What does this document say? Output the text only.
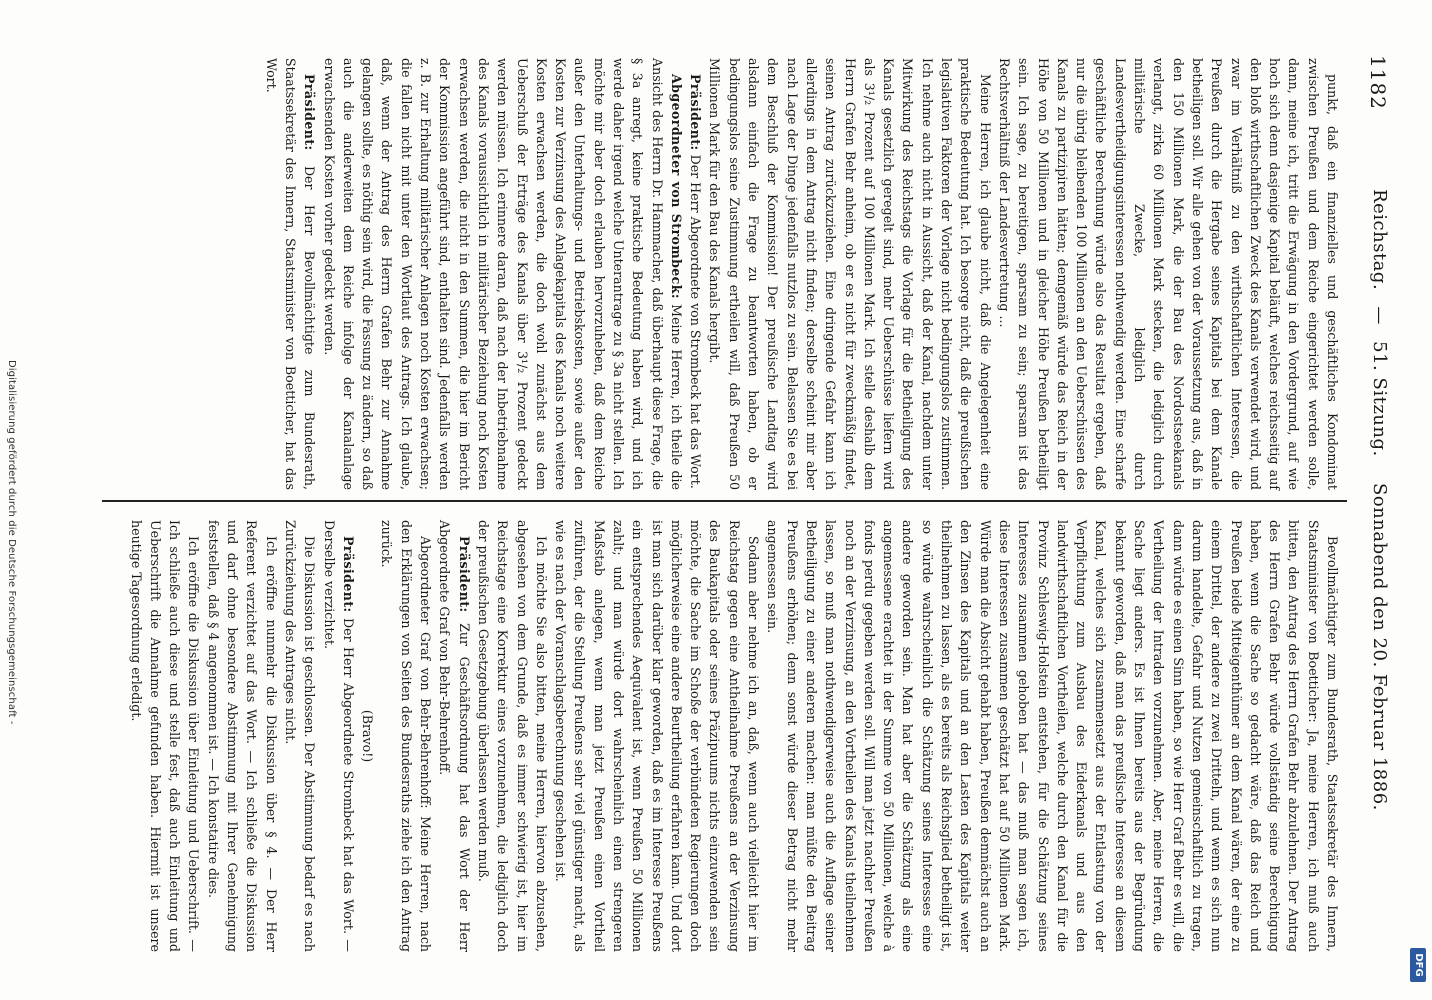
1182
Reichstag. — 51. Sitzung. Sonnabend den 20. Februar 1886.

punkt, daß ein finanzielles und geschäftliches Kondominat zwischen Preußen und dem Reiche eingerichtet werden solle, dann, meine ich, tritt die Erwägung in den Vordergrund, auf wie hoch sich denn dasjenige Kapital beläuft, welches reichsseitig auf den bloß wirthschaftlichen Zweck des Kanals verwendet wird, und zwar im Verhältniß zu den wirthschaftlichen Interessen, die Preußen durch die Hergabe seines Kapitals bei dem Kanale betheiligen soll. Wir alle gehen von der Voraussetzung aus, daß in den 150 Millionen Mark, die der Bau des Nordostseekanals verlangt, zirka 60 Millionen Mark stecken, die lediglich durch militärische Zwecke, lediglich durch Landesvertheidigungsinteressen nothwendig werden. Eine scharfe geschäftliche Berechnung würde also das Resultat ergeben, daß nur die übrig bleibenden 100 Millionen an den Ueberschüssen des Kanals zu partizipiren hätten; demgemäß würde das Reich in der Höhe von 50 Millionen und in gleicher Höhe Preußen betheiligt sein. Ich sage, zu bereitigen, sparsam zu sein; sparsam ist das Rechtsverhältniß der Landesvertretung ...

Meine Herren, ich glaube nicht, daß die Angelegenheit eine praktische Bedeutung hat. Ich besorge nicht, daß die preußischen legislativen Faktoren der Vorlage nicht bedingungslos zustimmen. Ich nehme auch nicht in Aussicht, daß der Kanal, nachdem unter Mitwirkung des Reichstags die Vorlage für die Betheiligung des Kanals gesetzlich geregelt sind, mehr Ueberschüsse liefern wird als 3¹/₂ Prozent auf 100 Millionen Mark. Ich stelle deshalb dem Herrn Grafen Behr anheim, ob er es nicht für zweckmäßig findet, seinen Antrag zurückzuziehen. Eine dringende Gefahr kann ich allerdings in dem Antrag nicht finden; derselbe scheint mir aber nach Lage der Dinge jedenfalls nutzlos zu sein. Belassen Sie es bei dem Beschluß der Kommission! Der preußische Landtag wird alsdann einfach die Frage zu beantworten haben, ob er bedingungslos seine Zustimmung ertheilen will, daß Preußen 50 Millionen Mark für den Bau des Kanals hergibt.

Präsident: Der Herr Abgeordnete von Strombeck hat das Wort.

Abgeordneter von Strombeck: Meine Herren, ich theile die Ansicht des Herrn Dr. Hammacher, daß überhaupt diese Frage, die § 3a anregt, keine praktische Bedeutung haben wird, und ich werde daher irgend welche Unterantrage zu § 3a nicht stellen. Ich möchte mir aber doch erlauben hervorzuheben, daß dem Reiche außer den Unterhaltungs- und Betriebskosten, sowie außer den Kosten zur Verzinsung des Anlagekapitals des Kanals noch weitere Kosten erwachsen werden, die doch wohl zunächst aus dem Ueberschuß der Erträge des Kanals über 3¹/₂ Prozent gedeckt werden müssen. Ich erinnere daran, daß nach der Inbetriebnahme des Kanals voraussichtlich in militärischer Beziehung noch Kosten erwachsen werden, die nicht in den Summen, die hier im Bericht der Kommission angeführt sind, enthalten sind. Jedenfalls werden z. B. zur Erhaltung militärischer Anlagen noch Kosten erwachsen; die fallen nicht mit unter den Wortlaut des Antrags. Ich glaube, daß, wenn der Antrag des Herrn Grafen Behr zur Annahme gelangen sollte, es nöthig sein wird, die Fassung zu ändern, so daß auch die anderweiten dem Reiche infolge der Kanalanlage erwachsenden Kosten vorher gedeckt werden.

Präsident: Der Herr Bevollmächtigte zum Bundesrath, Staatssekretär des Innern, Staatsminister von Boetticher, hat das Wort.

Bevollmächtigter zum Bundesrath, Staatssekretär des Innern, Staatsminister von Boetticher: Ja, meine Herren, ich muß auch bitten, den Antrag des Herrn Grafen Behr abzulehnen. Der Antrag des Herrn Grafen Behr würde vollständig seine Berechtigung haben, wenn die Sache so gedacht wäre, daß das Reich und Preußen beide Mitteigenthümer an dem Kanal wären, der eine zu einem Drittel, der andere zu zwei Dritteln, und wenn es sich nun darum handelte, Gefahr und Nutzen gemeinschaftlich zu tragen, dann würde es einen Sinn haben, so wie Herr Graf Behr es will, die Vertheilung der Intraden vorzunehmen. Aber, meine Herren, die Sache liegt anders. Es ist Ihnen bereits aus der Begründung bekannt geworden, daß man das preußische Interesse an diesem Kanal, welches sich zusammensetzt aus der Entlastung von der Verpflichtung zum Ausbau des Eiderkanals und aus den landwirthschaftlichen Vortheilen, welche durch den Kanal für die Provinz Schleswig-Holstein entstehen, für die Schätzung seines Interesses zusammen gehoben hat — das muß man sagen ich, diese Interessen zusammen geschätzt hat auf 50 Millionen Mark. Würde man die Absicht gehabt haben, Preußen demnächst auch an den Zinsen des Kapitals und an den Lasten des Kapitals weiter theilnehmen zu lassen, als es bereits als Reichsglied betheiligt ist, so würde wahrscheinlich die Schätzung seines Interesses eine andere geworden sein. Man hat aber die Schätzung als eine angemessene erachtet in der Summe von 50 Millionen, welche à fonds perdu gegeben werden soll. Will man jetzt nachher Preußen noch an der Verzinsung, an den Vortheilen des Kanals theilnehmen lassen, so muß man nothwendigerweise auch die Auflage seiner Betheiligung zu einer anderen machen: man müßte den Beitrag Preußens erhöhen; denn sonst würde dieser Betrag nicht mehr angemessen sein.

Sodann aber nehme ich an, daß, wenn auch vielleicht hier im Reichstag gegen eine Antheilnahme Preußens an der Verzinsung des Baukapitals oder seines Präzipuums nichts einzuwenden sein möchte, die Sache im Schoße der verbündeten Regierungen doch möglicherweise eine andere Beurtheilung erfahren kann. Und dort ist man sich darüber klar geworden, daß es im Interesse Preußens ein entsprechendes Aequivalent ist, wenn Preußen 50 Millionen zahlt; und man würde dort wahrscheinlich einen strengeren Maßstab anlegen, wenn man jetzt Preußen einen Vortheil zuführen, der die Stellung Preußens sehr viel günstiger macht, als wie es nach der Voranschlagsberechnung geschehen ist.

Ich möchte Sie also bitten, meine Herren, hiervon abzusehen, abgesehen von dem Grunde, daß es immer schwierig ist, hier im Reichstage eine Korrektur eines vorzunehmen, die lediglich doch der preußischen Gesetzgebung überlassen werden muß.

Präsident: Zur Geschäftsordnung hat das Wort der Herr Abgeordnete Graf von Behr-Behrenhoff.

Abgeordneter Graf von Behr-Behrenhoff: Meine Herren, nach den Erklärungen von Seiten des Bundesraths ziehe ich den Antrag zurück.

(Bravo!)

Präsident: Der Herr Abgeordnete Strombeck hat das Wort. — Derselbe verzichtet.

Die Diskussion ist geschlossen. Der Abstimmung bedarf es nach Zurückziehung des Antrages nicht.

Ich eröffne nunmehr die Diskussion über § 4. — Der Herr Referent verzichtet auf das Wort. — Ich schließe die Diskussion und darf ohne besondere Abstimmung mit Ihrer Genehmigung feststellen, daß § 4 angenommen ist. — Ich konstatire dies.

Ich eröffne die Diskussion über Einleitung und Ueberschrift. — Ich schließe auch diese und stelle fest, daß auch Einleitung und Ueberschrift die Annahme gefunden haben. Hiermit ist unsere heutige Tagesordnung erledigt.

Digitalisierung gefördert durch die Deutsche Forschungsgemeinschaft -
DFG
